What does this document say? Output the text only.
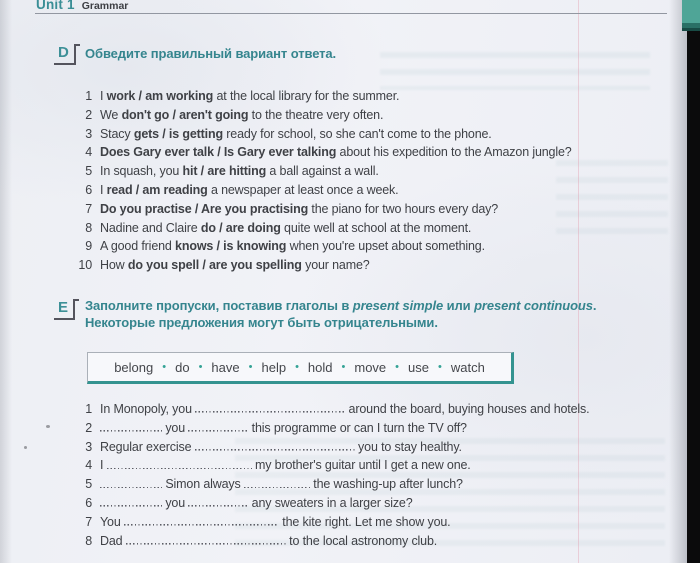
Unit 1 Grammar
D	Обведите правильный вариант ответа.
1 I work / am working at the local library for the summer.
2 We don't go / aren't going to the theatre very often.
3 Stacy gets / is getting ready for school, so she can't come to the phone.
4 Does Gary ever talk / Is Gary ever talking about his expedition to the Amazon jungle?
5 In squash, you hit / are hitting a ball against a wall.
6 I read / am reading a newspaper at least once a week.
7 Do you practise / Are you practising the piano for two hours every day?
8 Nadine and Claire do / are doing quite well at school at the moment.
9 A good friend knows / is knowing when you're upset about something.
10 How do you spell / are you spelling your name?
E	Заполните пропуски, поставив глаголы в present simple или present continuous.
Некоторые предложения могут быть отрицательными.
belong • do • have • help • hold • move • use • watch
1 In Monopoly, you	around the board, buying houses and hotels.
2	you	this programme or can I turn the TV off?
3 Regular exercise	you to stay healthy.
4 I	my brother's guitar until I get a new one.
5	Simon always	the washing-up after lunch?
6	you	any sweaters in a larger size?
7 You	the kite right. Let me show you.
8 Dad	to the local astronomy club.
